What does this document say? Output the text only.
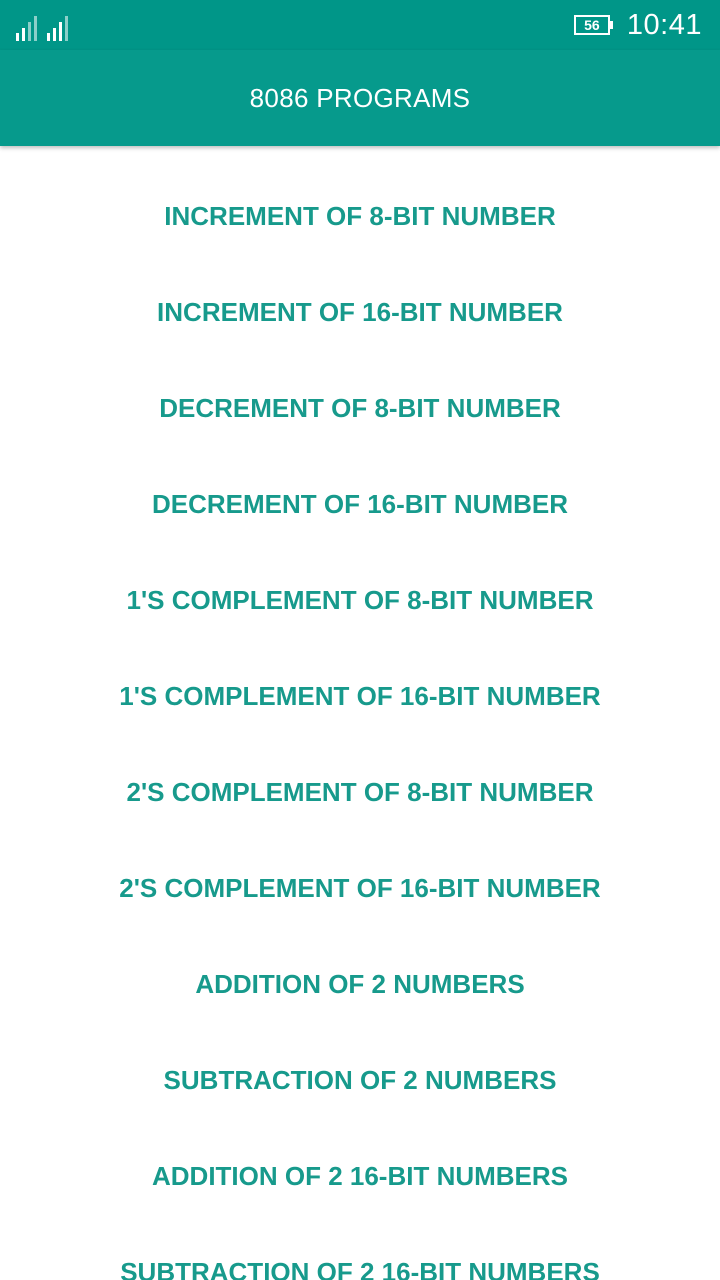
56 10:41
8086 PROGRAMS
INCREMENT OF 8-BIT NUMBER
INCREMENT OF 16-BIT NUMBER
DECREMENT OF 8-BIT NUMBER
DECREMENT OF 16-BIT NUMBER
1'S COMPLEMENT OF 8-BIT NUMBER
1'S COMPLEMENT OF 16-BIT NUMBER
2'S COMPLEMENT OF 8-BIT NUMBER
2'S COMPLEMENT OF 16-BIT NUMBER
ADDITION OF 2 NUMBERS
SUBTRACTION OF 2 NUMBERS
ADDITION OF 2 16-BIT NUMBERS
SUBTRACTION OF 2 16-BIT NUMBERS
